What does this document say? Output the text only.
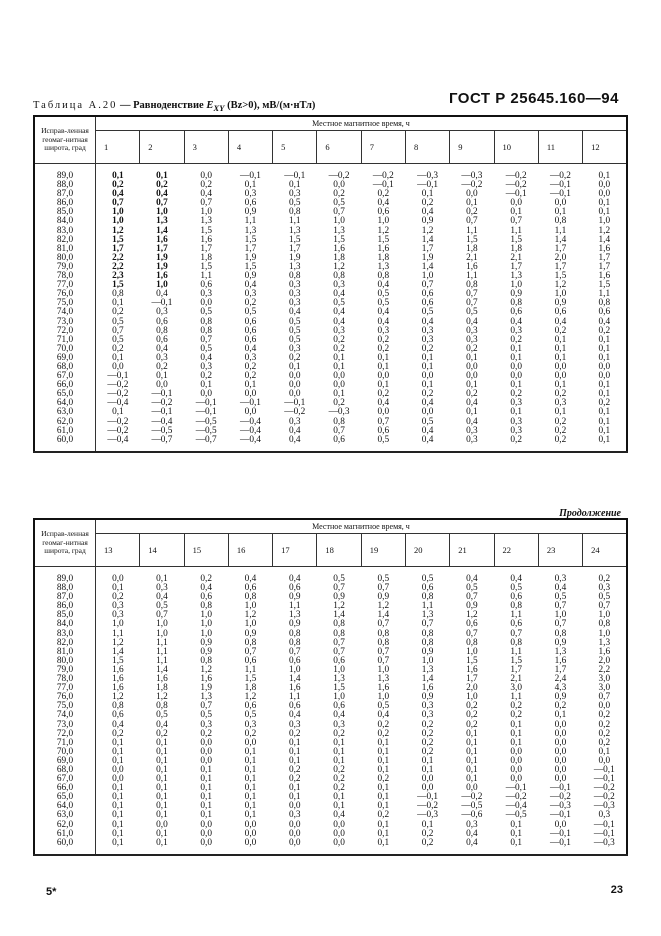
ГОСТ Р 25645.160—94
Таблица А.20 — Равноденствие $E_{XY}$ (Bz>0), мВ/(м·нТл)
Исправ-ленная геомаг-нитная широта, град	Местное магнитное время, ч											
	1	2	3	4	5	6	7	8	9	10	11	12
89,0	0,1	0,1	0,0	—0,1	—0,1	—0,2	—0,2	—0,3	—0,3	—0,2	—0,2	0,1
88,0	0,2	0,2	0,2	0,1	0,1	0,0	—0,1	—0,1	—0,2	—0,2	—0,1	0,0
87,0	0,4	0,4	0,4	0,3	0,3	0,2	0,2	0,1	0,0	—0,1	—0,1	0,0
86,0	0,7	0,7	0,7	0,6	0,5	0,5	0,4	0,2	0,1	0,0	0,0	0,1
85,0	1,0	1,0	1,0	0,9	0,8	0,7	0,6	0,4	0,2	0,1	0,1	0,1
84,0	1,0	1,3	1,3	1,1	1,1	1,0	1,0	0,9	0,7	0,7	0,8	1,0
83,0	1,2	1,4	1,5	1,3	1,3	1,3	1,2	1,2	1,1	1,1	1,1	1,2
82,0	1,5	1,6	1,6	1,5	1,5	1,5	1,5	1,4	1,5	1,5	1,4	1,4
81,0	1,7	1,7	1,7	1,7	1,7	1,6	1,6	1,7	1,8	1,8	1,7	1,6
80,0	2,2	1,9	1,8	1,9	1,9	1,8	1,8	1,9	2,1	2,1	2,0	1,7
79,0	2,2	1,9	1,5	1,5	1,3	1,2	1,3	1,4	1,6	1,7	1,7	1,7
78,0	2,3	1,6	1,1	0,9	0,8	0,8	0,8	1,0	1,1	1,3	1,5	1,6
77,0	1,5	1,0	0,6	0,4	0,3	0,3	0,4	0,7	0,8	1,0	1,2	1,5
76,0	0,8	0,4	0,3	0,3	0,3	0,4	0,5	0,6	0,7	0,9	1,0	1,1
75,0	0,1	—0,1	0,0	0,2	0,3	0,5	0,5	0,6	0,7	0,8	0,9	0,8
74,0	0,2	0,3	0,5	0,5	0,4	0,4	0,4	0,5	0,5	0,6	0,6	0,6
73,0	0,5	0,6	0,8	0,6	0,5	0,4	0,4	0,4	0,4	0,4	0,4	0,4
72,0	0,7	0,8	0,8	0,6	0,5	0,3	0,3	0,3	0,3	0,3	0,2	0,2
71,0	0,5	0,6	0,7	0,6	0,5	0,2	0,2	0,3	0,3	0,2	0,1	0,1
70,0	0,2	0,4	0,5	0,4	0,3	0,2	0,2	0,2	0,2	0,1	0,1	0,1
69,0	0,1	0,3	0,4	0,3	0,2	0,1	0,1	0,1	0,1	0,1	0,1	0,1
68,0	0,0	0,2	0,3	0,2	0,1	0,1	0,1	0,1	0,0	0,0	0,0	0,0
67,0	—0,1	0,1	0,2	0,2	0,0	0,0	0,0	0,0	0,0	0,0	0,0	0,0
66,0	—0,2	0,0	0,1	0,1	0,0	0,0	0,1	0,1	0,1	0,1	0,1	0,1
65,0	—0,2	—0,1	0,0	0,0	0,0	0,1	0,2	0,2	0,2	0,2	0,2	0,1
64,0	—0,4	—0,2	—0,1	—0,1	—0,1	0,2	0,4	0,4	0,4	0,3	0,3	0,2
63,0	0,1	—0,1	—0,1	0,0	—0,2	—0,3	0,0	0,0	0,1	0,1	0,1	0,1
62,0	—0,2	—0,4	—0,5	—0,4	0,3	0,8	0,7	0,5	0,4	0,3	0,2	0,1
61,0	—0,2	—0,5	—0,5	—0,4	0,4	0,7	0,6	0,4	0,3	0,3	0,2	0,1
60,0	—0,4	—0,7	—0,7	—0,4	0,4	0,6	0,5	0,4	0,3	0,2	0,2	0,1
Продолжение
Исправ-ленная геомаг-нитная широта, град	Местное магнитное время, ч											
	13	14	15	16	17	18	19	20	21	22	23	24
89,0	0,0	0,1	0,2	0,4	0,4	0,5	0,5	0,5	0,4	0,4	0,3	0,2
88,0	0,1	0,3	0,4	0,6	0,6	0,7	0,7	0,6	0,5	0,5	0,4	0,3
87,0	0,2	0,4	0,6	0,8	0,9	0,9	0,9	0,8	0,7	0,6	0,5	0,5
86,0	0,3	0,5	0,8	1,0	1,1	1,2	1,2	1,1	0,9	0,8	0,7	0,7
85,0	0,3	0,7	1,0	1,2	1,3	1,4	1,4	1,3	1,2	1,1	1,0	1,0
84,0	1,0	1,0	1,0	1,0	0,9	0,8	0,7	0,7	0,6	0,6	0,7	0,8
83,0	1,1	1,0	1,0	0,9	0,8	0,8	0,8	0,8	0,7	0,7	0,8	1,0
82,0	1,2	1,1	0,9	0,8	0,8	0,7	0,8	0,8	0,8	0,8	0,9	1,3
81,0	1,4	1,1	0,9	0,7	0,7	0,7	0,7	0,9	1,0	1,1	1,3	1,6
80,0	1,5	1,1	0,8	0,6	0,6	0,6	0,7	1,0	1,5	1,5	1,6	2,0
79,0	1,6	1,4	1,2	1,1	1,0	1,0	1,0	1,3	1,6	1,7	1,7	2,2
78,0	1,6	1,6	1,6	1,5	1,4	1,3	1,3	1,4	1,7	2,1	2,4	3,0
77,0	1,6	1,8	1,9	1,8	1,6	1,5	1,6	1,6	2,0	3,0	4,3	3,0
76,0	1,2	1,2	1,3	1,2	1,1	1,0	1,0	0,9	1,0	1,1	0,9	0,7
75,0	0,8	0,8	0,7	0,6	0,6	0,6	0,5	0,3	0,2	0,2	0,2	0,0
74,0	0,6	0,5	0,5	0,5	0,4	0,4	0,4	0,3	0,2	0,2	0,1	0,2
73,0	0,4	0,4	0,3	0,3	0,3	0,3	0,2	0,2	0,2	0,1	0,0	0,2
72,0	0,2	0,2	0,2	0,2	0,2	0,2	0,2	0,2	0,1	0,1	0,0	0,2
71,0	0,1	0,1	0,0	0,0	0,1	0,1	0,1	0,2	0,1	0,1	0,0	0,2
70,0	0,1	0,1	0,0	0,1	0,1	0,1	0,1	0,2	0,1	0,0	0,0	0,1
69,0	0,1	0,1	0,0	0,1	0,1	0,1	0,1	0,1	0,1	0,0	0,0	0,0
68,0	0,0	0,1	0,1	0,1	0,2	0,2	0,1	0,1	0,1	0,0	0,0	—0,1
67,0	0,0	0,1	0,1	0,1	0,2	0,2	0,2	0,0	0,1	0,0	0,0	—0,1
66,0	0,1	0,1	0,1	0,1	0,1	0,2	0,1	0,0	0,0	—0,1	—0,1	—0,2
65,0	0,1	0,1	0,1	0,1	0,1	0,1	0,1	—0,1	—0,2	—0,2	—0,2	—0,2
64,0	0,1	0,1	0,1	0,1	0,0	0,1	0,1	—0,2	—0,5	—0,4	—0,3	—0,3
63,0	0,1	0,1	0,1	0,1	0,3	0,4	0,2	—0,3	—0,6	—0,5	—0,1	0,3
62,0	0,1	0,0	0,0	0,0	0,0	0,0	0,1	0,1	0,3	0,1	0,0	—0,1
61,0	0,1	0,1	0,0	0,0	0,0	0,0	0,1	0,2	0,4	0,1	—0,1	—0,1
60,0	0,1	0,1	0,0	0,0	0,0	0,0	0,1	0,2	0,4	0,1	—0,1	—0,3
5*	23
